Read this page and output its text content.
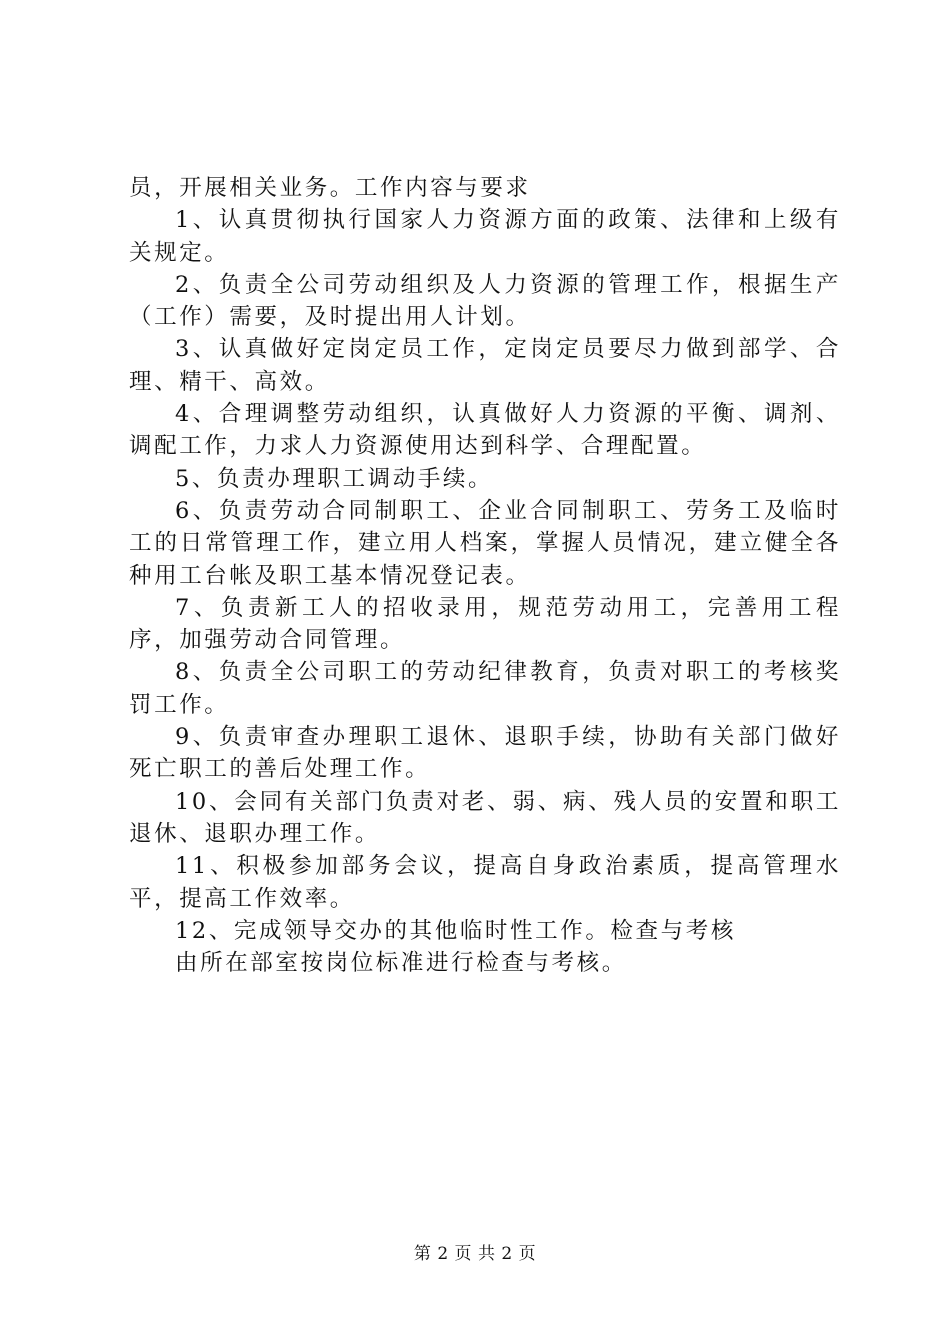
员，开展相关业务。工作内容与要求

1、认真贯彻执行国家人力资源方面的政策、法律和上级有关规定。

2、负责全公司劳动组织及人力资源的管理工作，根据生产（工作）需要，及时提出用人计划。

3、认真做好定岗定员工作，定岗定员要尽力做到部学、合理、精干、高效。

4、合理调整劳动组织，认真做好人力资源的平衡、调剂、调配工作，力求人力资源使用达到科学、合理配置。

5、负责办理职工调动手续。

6、负责劳动合同制职工、企业合同制职工、劳务工及临时工的日常管理工作，建立用人档案，掌握人员情况，建立健全各种用工台帐及职工基本情况登记表。

7、负责新工人的招收录用，规范劳动用工，完善用工程序，加强劳动合同管理。

8、负责全公司职工的劳动纪律教育，负责对职工的考核奖罚工作。

9、负责审查办理职工退休、退职手续，协助有关部门做好死亡职工的善后处理工作。

10、会同有关部门负责对老、弱、病、残人员的安置和职工退休、退职办理工作。

11、积极参加部务会议，提高自身政治素质，提高管理水平，提高工作效率。

12、完成领导交办的其他临时性工作。检查与考核

由所在部室按岗位标准进行检查与考核。

第 2 页 共 2 页
